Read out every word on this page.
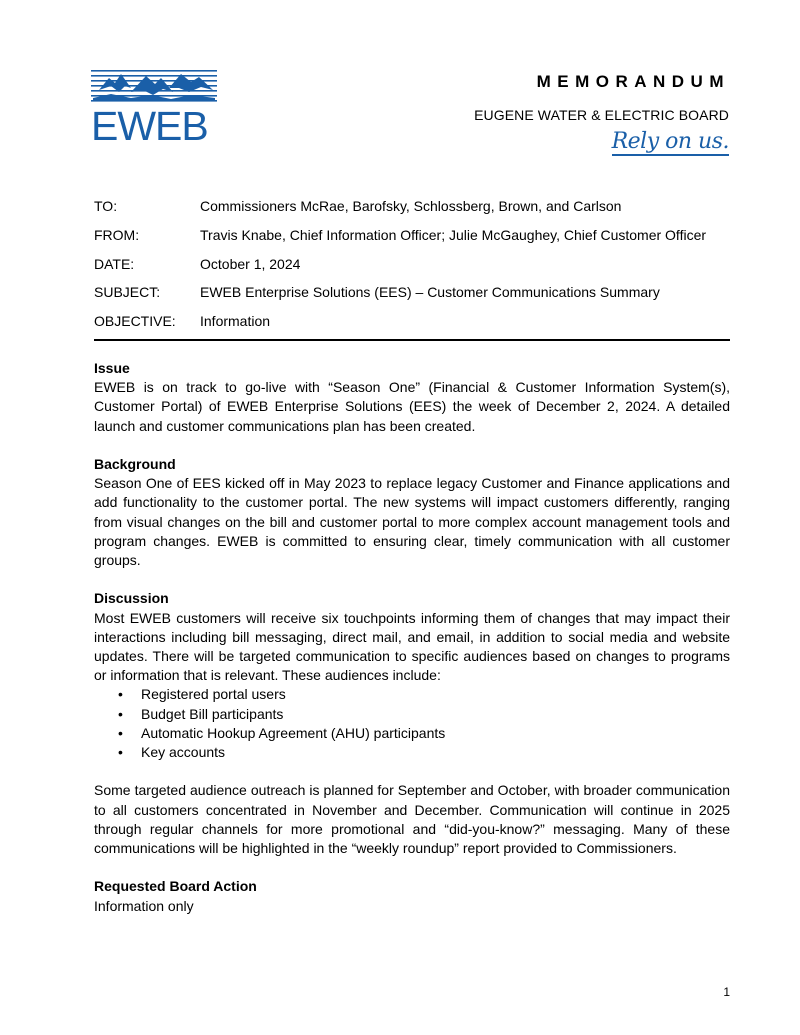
EWEB
MEMORANDUM
EUGENE WATER & ELECTRIC BOARD
Rely on us.
TO:	Commissioners McRae, Barofsky, Schlossberg, Brown, and Carlson
FROM:	Travis Knabe, Chief Information Officer; Julie McGaughey, Chief Customer Officer
DATE:	October 1, 2024
SUBJECT:	EWEB Enterprise Solutions (EES) – Customer Communications Summary
OBJECTIVE:	Information
Issue

EWEB is on track to go-live with “Season One” (Financial & Customer Information System(s), Customer Portal) of EWEB Enterprise Solutions (EES) the week of December 2, 2024. A detailed launch and customer communications plan has been created.

Background

Season One of EES kicked off in May 2023 to replace legacy Customer and Finance applications and add functionality to the customer portal. The new systems will impact customers differently, ranging from visual changes on the bill and customer portal to more complex account management tools and program changes. EWEB is committed to ensuring clear, timely communication with all customer groups.

Discussion

Most EWEB customers will receive six touchpoints informing them of changes that may impact their interactions including bill messaging, direct mail, and email, in addition to social media and website updates. There will be targeted communication to specific audiences based on changes to programs or information that is relevant. These audiences include:

• Registered portal users
• Budget Bill participants
• Automatic Hookup Agreement (AHU) participants
• Key accounts

Some targeted audience outreach is planned for September and October, with broader communication to all customers concentrated in November and December. Communication will continue in 2025 through regular channels for more promotional and “did-you-know?” messaging. Many of these communications will be highlighted in the “weekly roundup” report provided to Commissioners.

Requested Board Action

Information only

1
